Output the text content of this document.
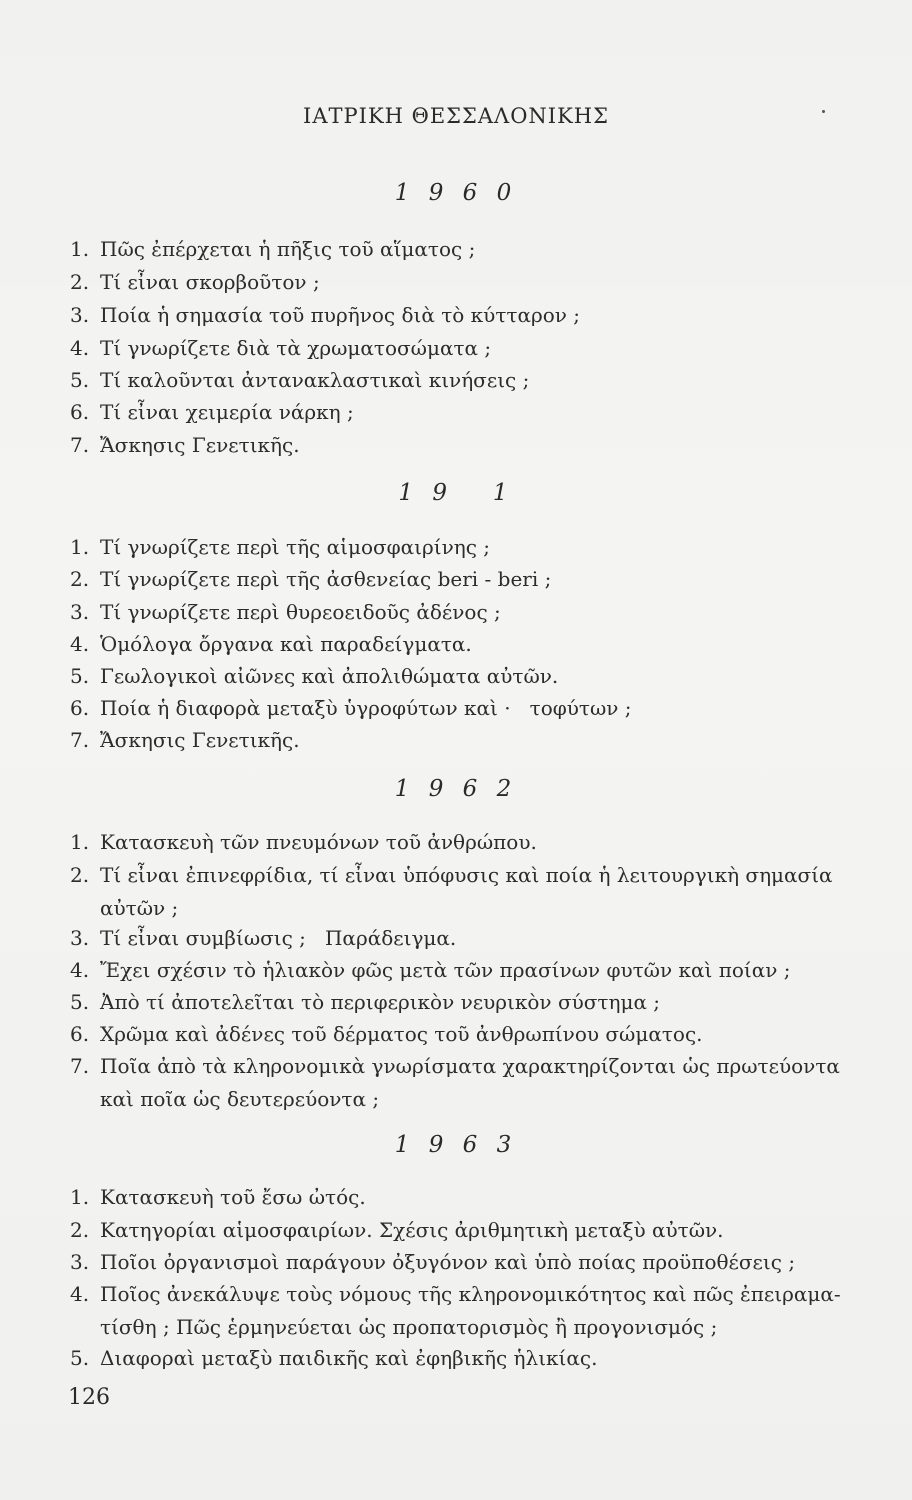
ΙΑΤΡΙΚΗ ΘΕΣΣΑΛΟΝΙΚΗΣ
1 9 6 0
1. Πῶς ἐπέρχεται ἡ πῆξις τοῦ αἵματος ;
2. Τί εἶναι σκορβοῦτον ;
3. Ποία ἡ σημασία τοῦ πυρῆνος διὰ τὸ κύτταρον ;
4. Τί γνωρίζετε διὰ τὰ χρωματοσώματα ;
5. Τί καλοῦνται ἀντανακλαστικαὶ κινήσεις ;
6. Τί εἶναι χειμερία νάρκη ;
7. Ἄσκησις Γενετικῆς.
1 9   1
1. Τί γνωρίζετε περὶ τῆς αἱμοσφαιρίνης ;
2. Τί γνωρίζετε περὶ τῆς ἀσθενείας beri - beri ;
3. Τί γνωρίζετε περὶ θυρεοειδοῦς ἀδένος ;
4. Ὁμόλογα ὄργανα καὶ παραδείγματα.
5. Γεωλογικοὶ αἰῶνες καὶ ἀπολιθώματα αὐτῶν.
6. Ποία ἡ διαφορὰ μεταξὺ ὑγροφύτων καὶ ·   τοφύτων ;
7. Ἄσκησις Γενετικῆς.
1 9 6 2
1. Κατασκευὴ τῶν πνευμόνων τοῦ ἀνθρώπου.
2. Τί εἶναι ἐπινεφρίδια, τί εἶναι ὑπόφυσις καὶ ποία ἡ λειτουργικὴ σημασία
αὐτῶν ;
3. Τί εἶναι συμβίωσις ;   Παράδειγμα.
4. Ἔχει σχέσιν τὸ ἡλιακὸν φῶς μετὰ τῶν πρασίνων φυτῶν καὶ ποίαν ;
5. Ἀπὸ τί ἀποτελεῖται τὸ περιφερικὸν νευρικὸν σύστημα ;
6. Χρῶμα καὶ ἀδένες τοῦ δέρματος τοῦ ἀνθρωπίνου σώματος.
7. Ποῖα ἀπὸ τὰ κληρονομικὰ γνωρίσματα χαρακτηρίζονται ὡς πρωτεύοντα
καὶ ποῖα ὡς δευτερεύοντα ;
1 9 6 3
1. Κατασκευὴ τοῦ ἔσω ὠτός.
2. Κατηγορίαι αἱμοσφαιρίων. Σχέσις ἀριθμητικὴ μεταξὺ αὐτῶν.
3. Ποῖοι ὀργανισμοὶ παράγουν ὀξυγόνον καὶ ὑπὸ ποίας προϋποθέσεις ;
4. Ποῖος ἀνεκάλυψε τοὺς νόμους τῆς κληρονομικότητος καὶ πῶς ἐπειραμα-
τίσθη ; Πῶς ἑρμηνεύεται ὡς προπατορισμὸς ἢ προγονισμός ;
5. Διαφοραὶ μεταξὺ παιδικῆς καὶ ἐφηβικῆς ἡλικίας.
126
